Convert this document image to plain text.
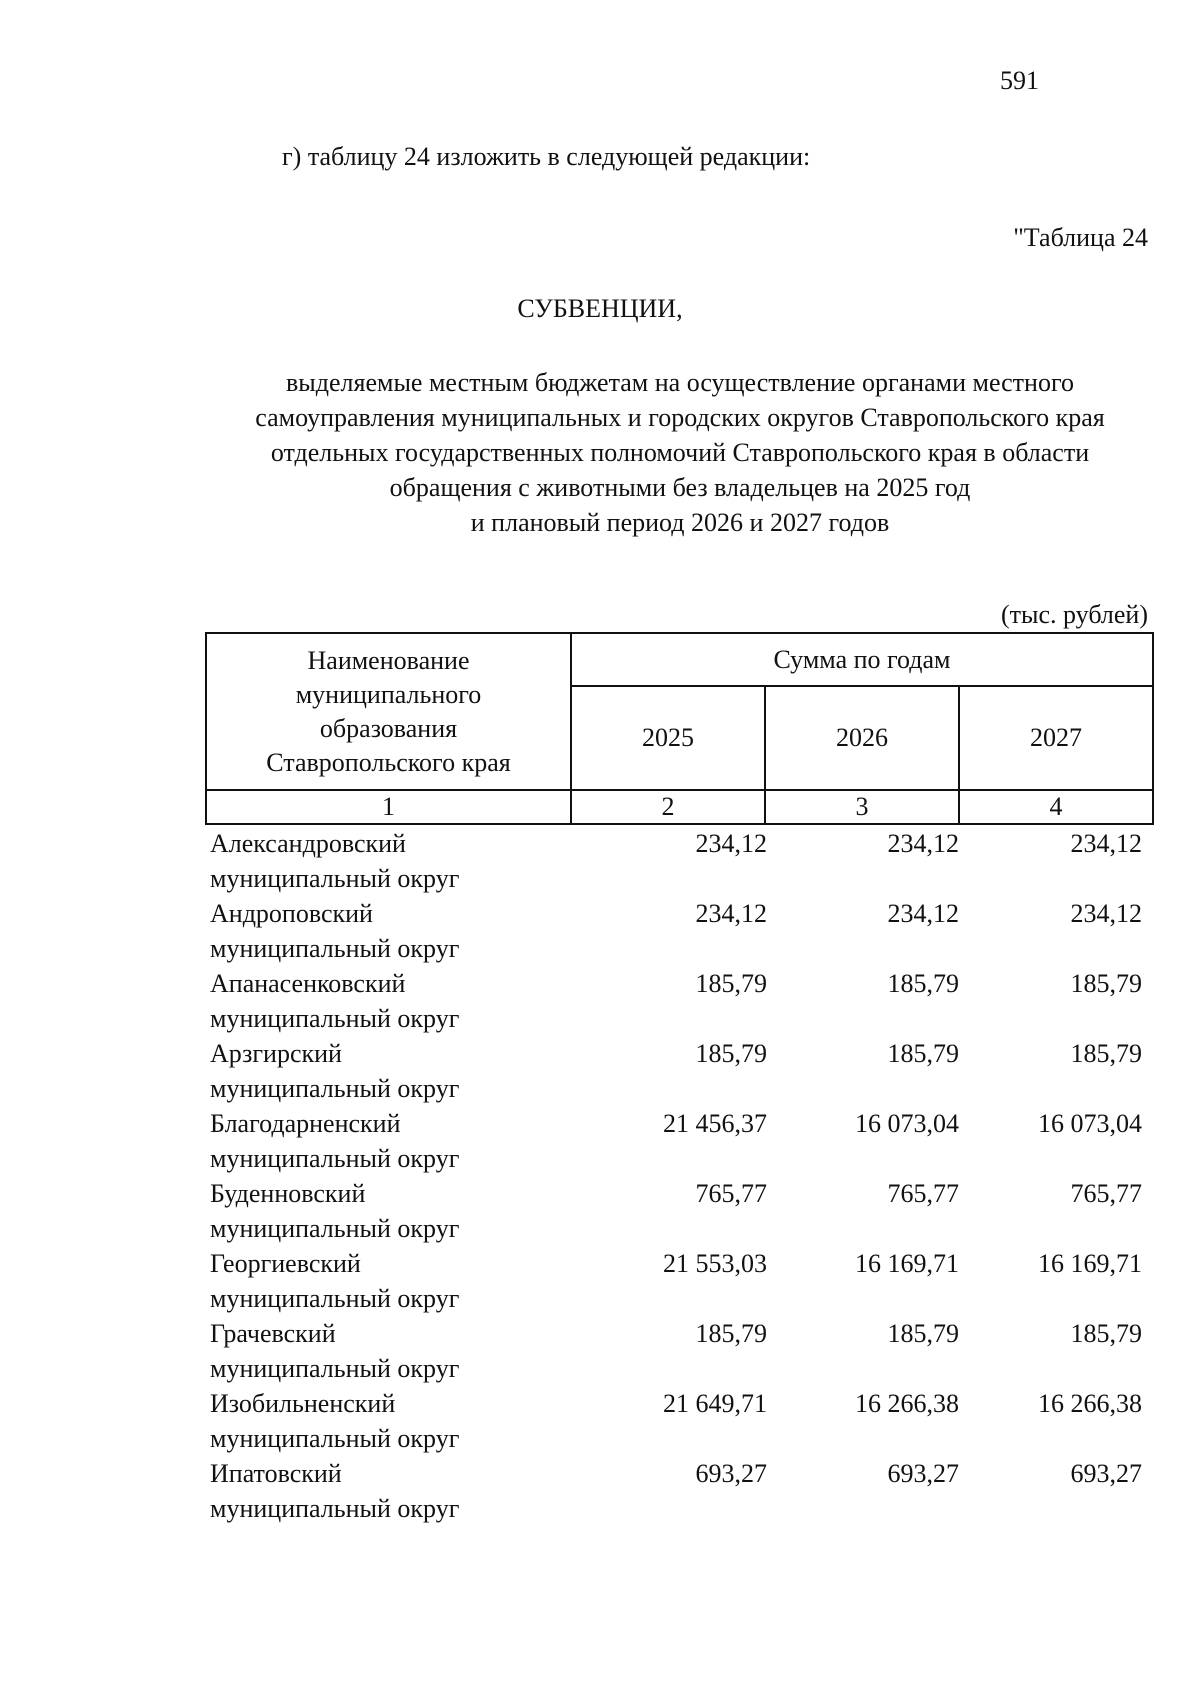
591
г) таблицу 24 изложить в следующей редакции:
"Таблица 24
СУБВЕНЦИИ,
выделяемые местным бюджетам на осуществление органами местного
самоуправления муниципальных и городских округов Ставропольского края
отдельных государственных полномочий Ставропольского края в области
обращения с животными без владельцев на 2025 год
и плановый период 2026 и 2027 годов
(тыс. рублей)
Наименование
муниципального
образования
Ставропольского края	Сумма по годам		
	2025	2026	2027
1	2	3	4
Александровский
муниципальный округ
234,12	234,12	234,12
Андроповский
муниципальный округ
234,12	234,12	234,12
Апанасенковский
муниципальный округ
185,79	185,79	185,79
Арзгирский
муниципальный округ
185,79	185,79	185,79
Благодарненский
муниципальный округ
21 456,37	16 073,04	16 073,04
Буденновский
муниципальный округ
765,77	765,77	765,77
Георгиевский
муниципальный округ
21 553,03	16 169,71	16 169,71
Грачевский
муниципальный округ
185,79	185,79	185,79
Изобильненский
муниципальный округ
21 649,71	16 266,38	16 266,38
Ипатовский
муниципальный округ
693,27	693,27	693,27
